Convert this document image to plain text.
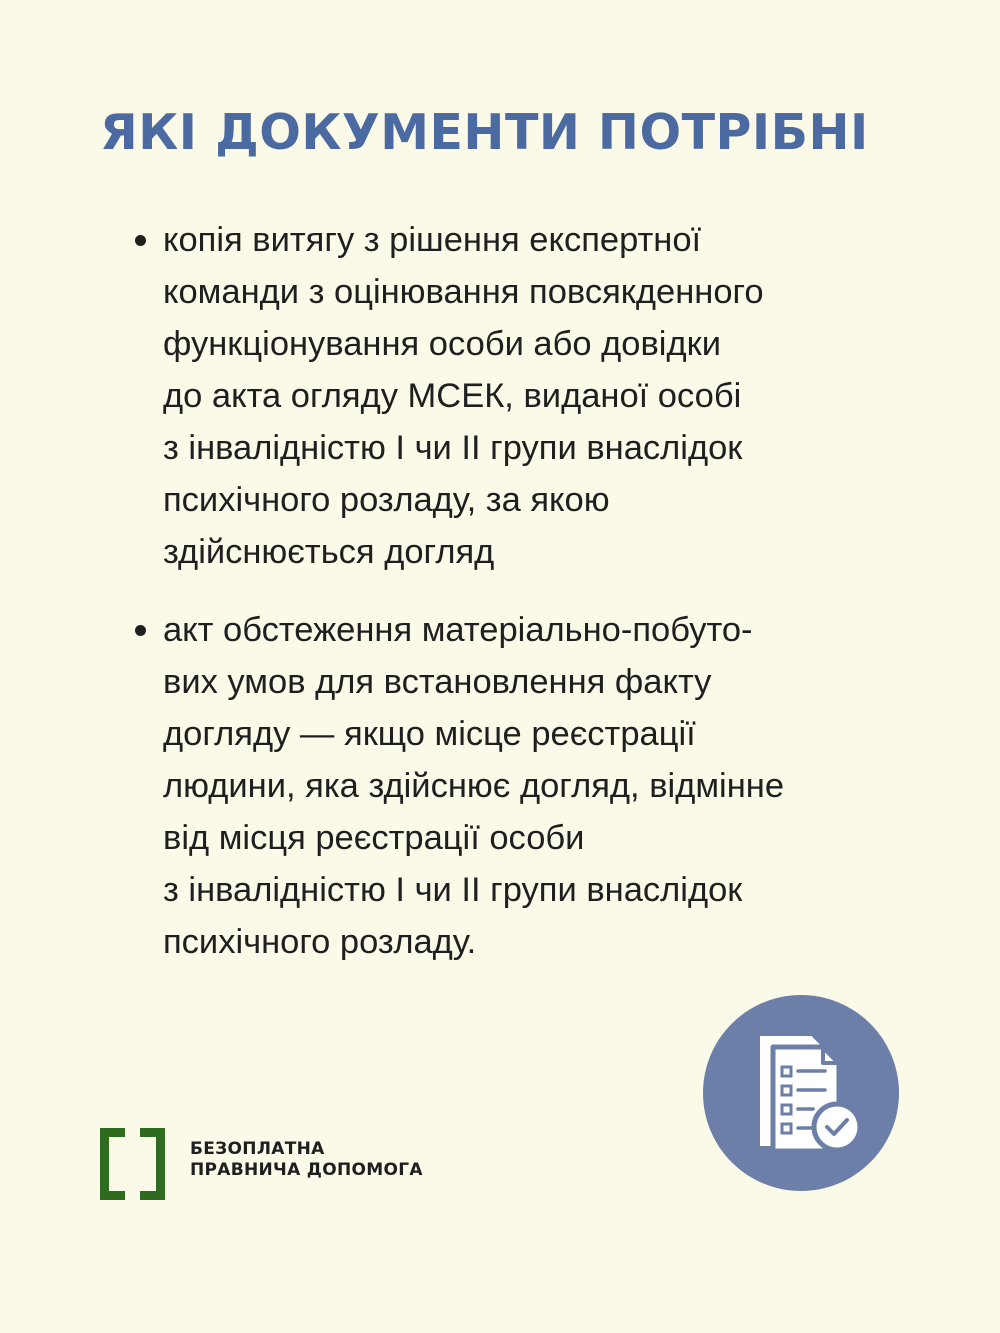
ЯКІ ДОКУМЕНТИ ПОТРІБНІ
копія витягу з рішення експертної
команди з оцінювання повсякденного
функціонування особи або довідки
до акта огляду МСЕК, виданої особі
з інвалідністю І чи ІІ групи внаслідок
психічного розладу, за якою
здійснюється догляд
акт обстеження матеріально-побуто-
вих умов для встановлення факту
догляду — якщо місце реєстрації
людини, яка здійснює догляд, відмінне
від місця реєстрації особи
з інвалідністю І чи ІІ групи внаслідок
психічного розладу.
БЕЗОПЛАТНА
ПРАВНИЧА ДОПОМОГА
